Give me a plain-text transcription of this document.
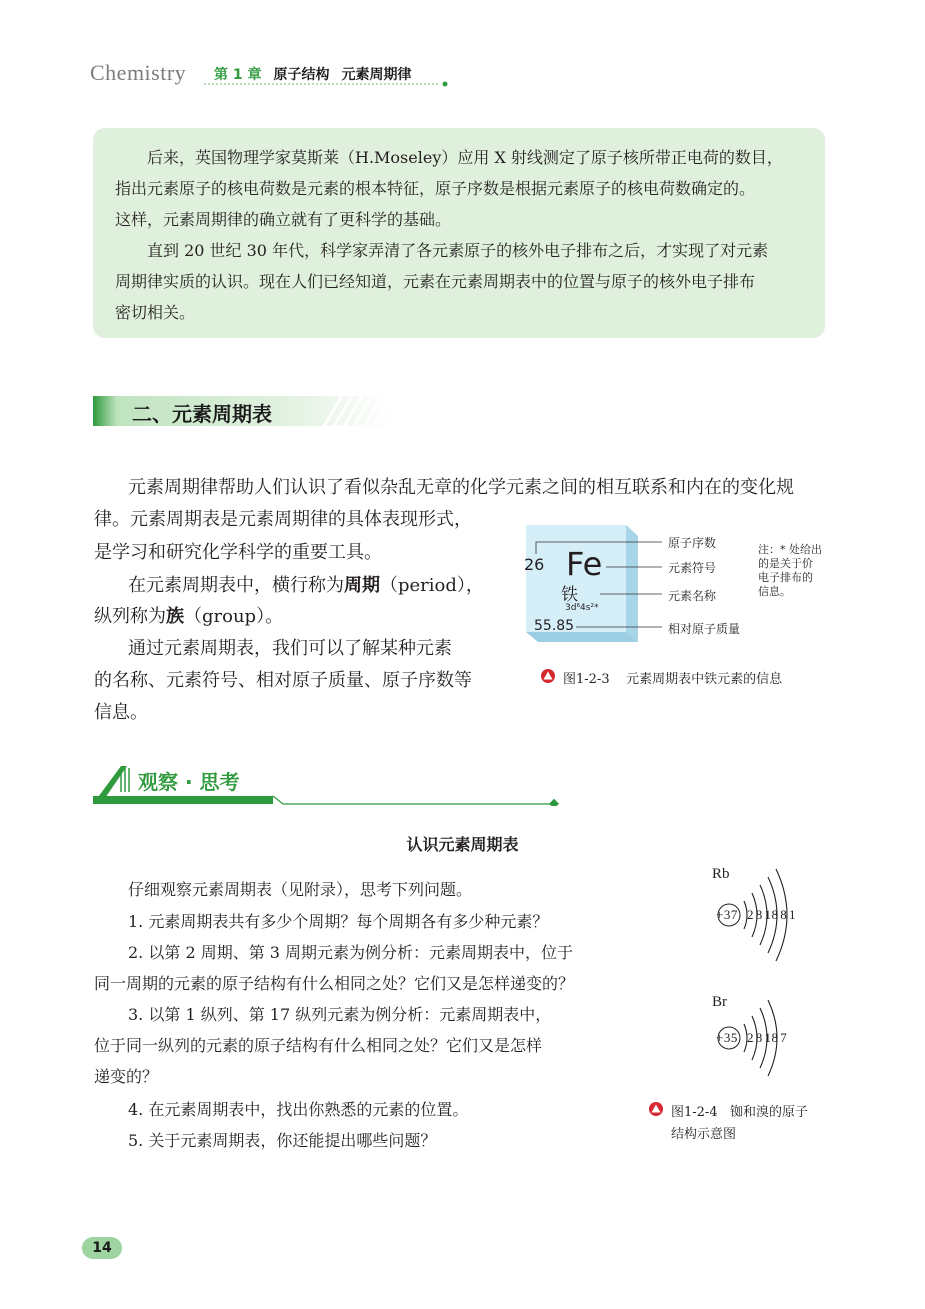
Chemistry 第 1 章 原子结构 元素周期律

后来，英国物理学家莫斯莱（H.Moseley）应用 X 射线测定了原子核所带正电荷的数目，

指出元素原子的核电荷数是元素的根本特征，原子序数是根据元素原子的核电荷数确定的。

这样，元素周期律的确立就有了更科学的基础。

直到 20 世纪 30 年代，科学家弄清了各元素原子的核外电子排布之后，才实现了对元素

周期律实质的认识。现在人们已经知道，元素在元素周期表中的位置与原子的核外电子排布

密切相关。

二、元素周期表
元素周期律帮助人们认识了看似杂乱无章的化学元素之间的相互联系和内在的变化规
律。元素周期表是元素周期律的具体表现形式，
是学习和研究化学科学的重要工具。
在元素周期表中，横行称为周期（period），
纵列称为族（group）。
通过元素周期表，我们可以了解某种元素
的名称、元素符号、相对原子质量、原子序数等
信息。
26 Fe
铁
3d⁶4s²*
55.85
原子序数
元素符号
元素名称
相对原子质量
注：* 处给出
的是关于价
电子排布的
信息。
图1-2-3 元素周期表中铁元素的信息
观察 · 思考
认识元素周期表
仔细观察元素周期表（见附录），思考下列问题。
1. 元素周期表共有多少个周期？每个周期各有多少种元素？
2. 以第 2 周期、第 3 周期元素为例分析：元素周期表中，位于
同一周期的元素的原子结构有什么相同之处？它们又是怎样递变的？
3. 以第 1 纵列、第 17 纵列元素为例分析：元素周期表中，
位于同一纵列的元素的原子结构有什么相同之处？它们又是怎样
递变的？
4. 在元素周期表中，找出你熟悉的元素的位置。
5. 关于元素周期表，你还能提出哪些问题？
Rb
+37 2 8 18 8 1
Br
+35 2 8 18 7
图1-2-4 铷和溴的原子
结构示意图
14
